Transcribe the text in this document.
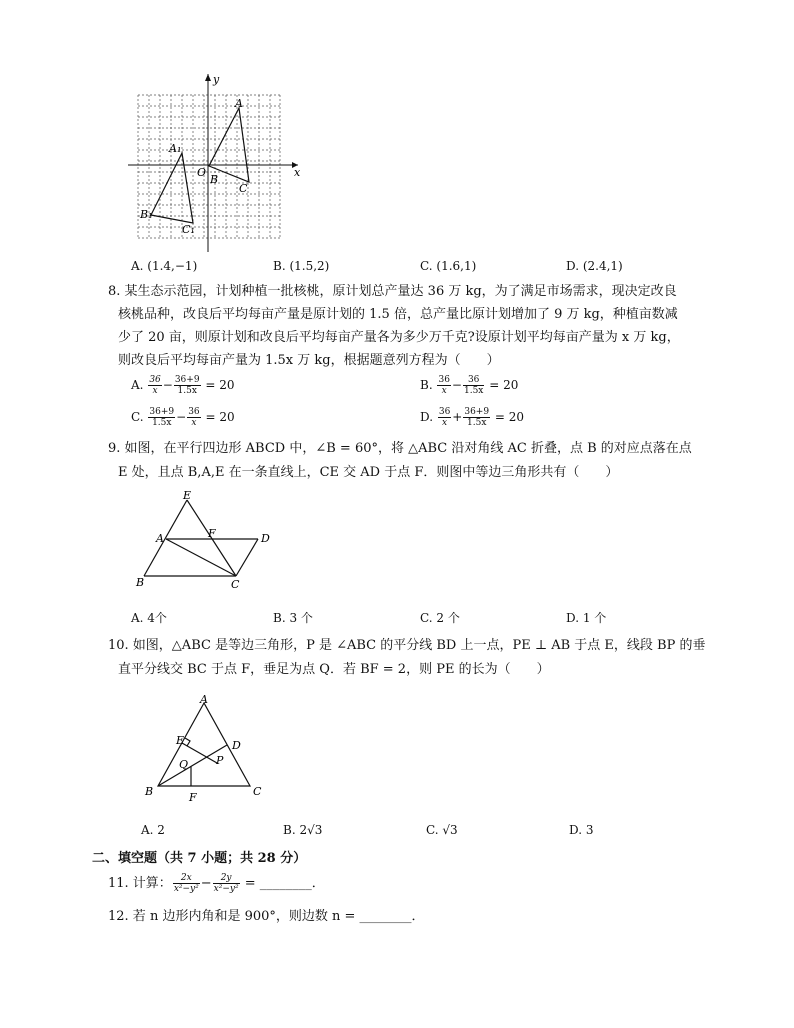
x
y
O
A
B
C
A₁
B₁
C₁
A. (1.4,−1)	B. (1.5,2)	C. (1.6,1)	D. (2.4,1)
8. 某生态示范园，计划种植一批核桃，原计划总产量达 36 万 kg，为了满足市场需求，现决定改良
核桃品种，改良后平均每亩产量是原计划的 1.5 倍，总产量比原计划增加了 9 万 kg，种植亩数减
少了 20 亩，则原计划和改良后平均每亩产量各为多少万千克?设原计划平均每亩产量为 x 万 kg，
则改良后平均每亩产量为 1.5x 万 kg，根据题意列方程为（　　）
A. $\frac{36}{x} - \frac{36+9}{1.5x} = 20$	B. $\frac{36}{x} - \frac{36}{1.5x} = 20$
C. $\frac{36+9}{1.5x} - \frac{36}{x} = 20$	D. $\frac{36}{x} + \frac{36+9}{1.5x} = 20$
9. 如图，在平行四边形 ABCD 中，∠B = 60°，将 △ABC 沿对角线 AC 折叠，点 B 的对应点落在点
E 处，且点 B,A,E 在一条直线上，CE 交 AD 于点 F．则图中等边三角形共有（　　）
E
A	F	D
B	C
A. 4个	B. 3 个	C. 2 个	D. 1 个
10. 如图，△ABC 是等边三角形，P 是 ∠ABC 的平分线 BD 上一点，PE ⊥ AB 于点 E，线段 BP 的垂
直平分线交 BC 于点 F，垂足为点 Q．若 BF = 2，则 PE 的长为（　　）
E
A
D
P
Q
B	C
F
A. 2	B. 2√3	C. √3	D. 3
二、填空题（共 7 小题；共 28 分）
11. 计算： $\frac{2x}{\text{x²−y²}} - \frac{2y}{\text{x²−y²}}$ = ________．
12. 若 n 边形内角和是 900°，则边数 n = ________．
